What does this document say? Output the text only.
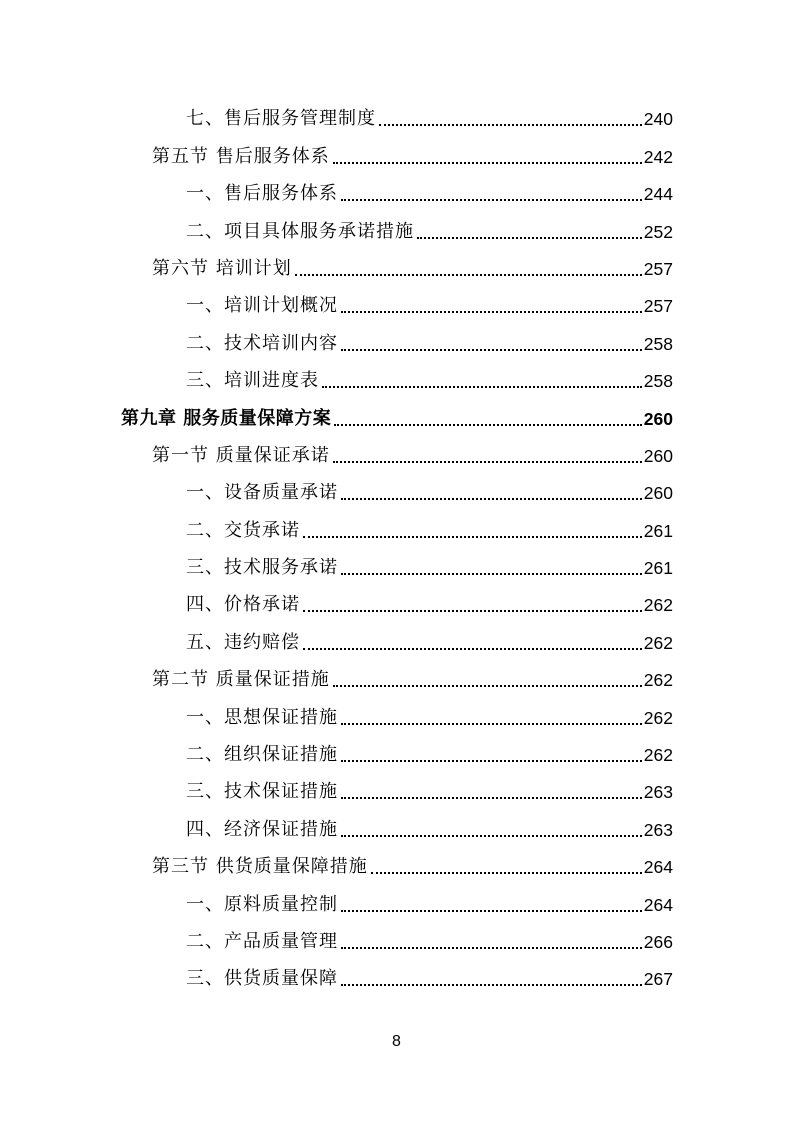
七、售后服务管理制度	240
第五节 售后服务体系	242
一、售后服务体系	244
二、项目具体服务承诺措施	252
第六节 培训计划	257
一、培训计划概况	257
二、技术培训内容	258
三、培训进度表	258
第九章 服务质量保障方案	260
第一节 质量保证承诺	260
一、设备质量承诺	260
二、交货承诺	261
三、技术服务承诺	261
四、价格承诺	262
五、违约赔偿	262
第二节 质量保证措施	262
一、思想保证措施	262
二、组织保证措施	262
三、技术保证措施	263
四、经济保证措施	263
第三节 供货质量保障措施	264
一、原料质量控制	264
二、产品质量管理	266
三、供货质量保障	267
8
